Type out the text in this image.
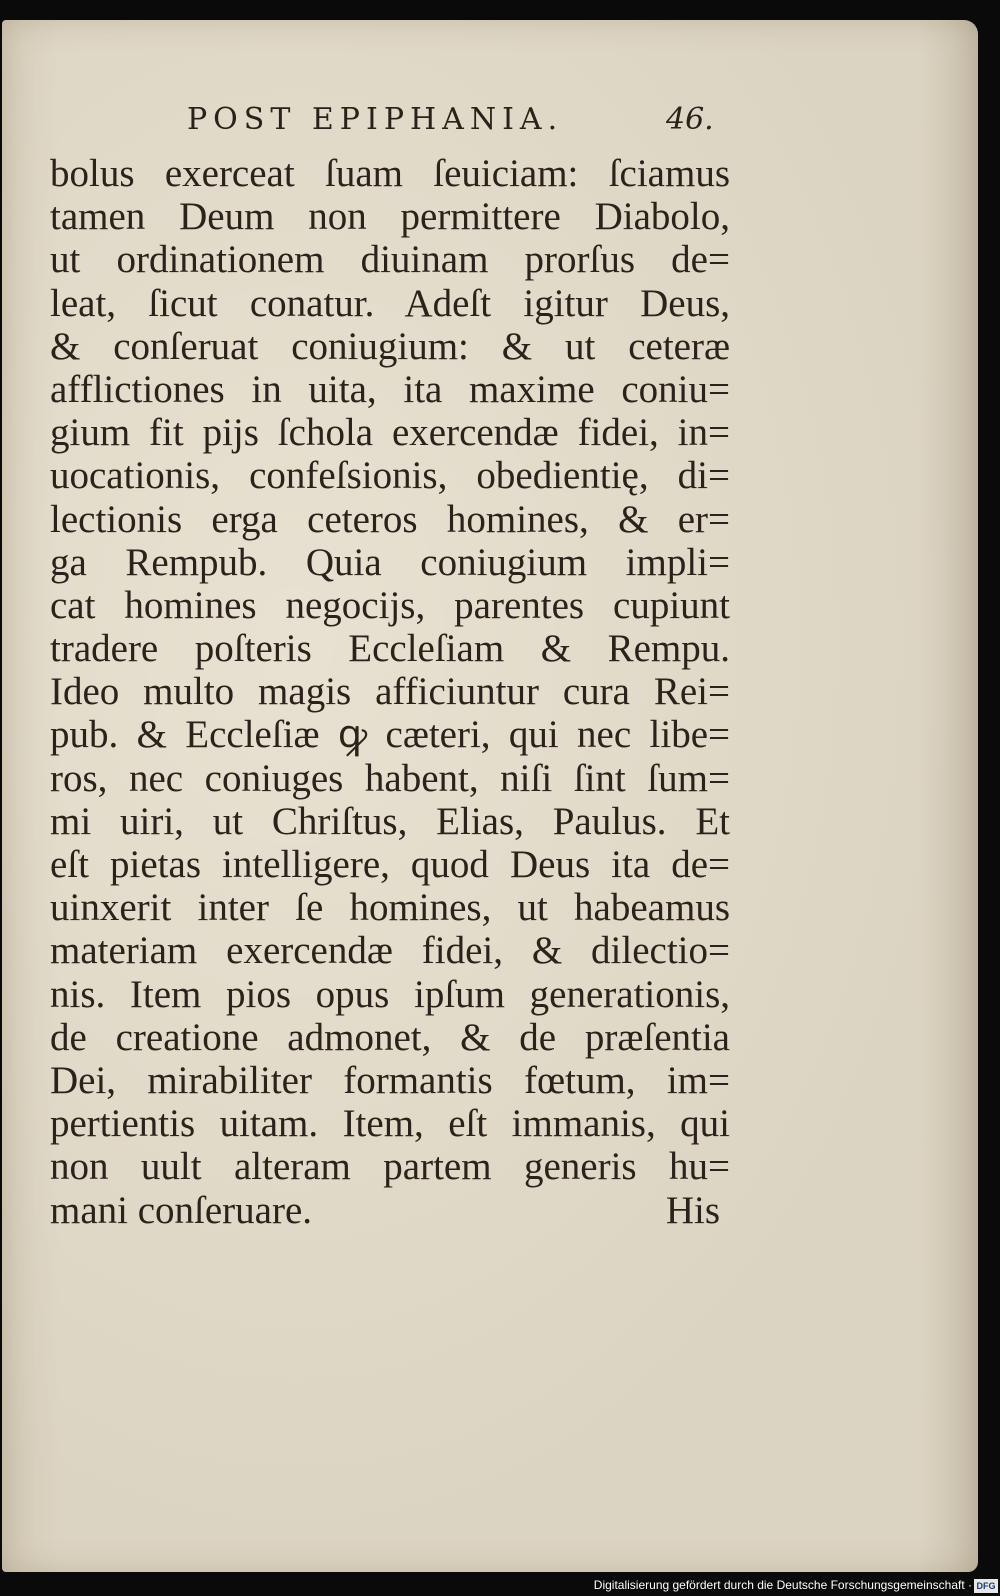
POST EPIPHANIA.	46.
bolus exerceat ſuam ſeuiciam: ſciamus
tamen Deum non permittere Diabolo,
ut ordinationem diuinam prorſus de=
leat, ſicut conatur. Adeſt igitur Deus,
& conſeruat coniugium: & ut ceteræ
afflictiones in uita, ita maxime coniu=
gium fit pijs ſchola exercendæ fidei, in=
uocationis, confeſsionis, obedientię, di=
lectionis erga ceteros homines, & er=
ga Rempub. Quia coniugium impli=
cat homines negocijs, parentes cupiunt
tradere poſteris Eccleſiam & Rempu.
Ideo multo magis afficiuntur cura Rei=
pub. & Eccleſiæ ꝙ cæteri, qui nec libe=
ros, nec coniuges habent, niſi ſint ſum=
mi uiri, ut Chriſtus, Elias, Paulus. Et
eſt pietas intelligere, quod Deus ita de=
uinxerit inter ſe homines, ut habeamus
materiam exercendæ fidei, & dilectio=
nis. Item pios opus ipſum generationis,
de creatione admonet, & de præſentia
Dei, mirabiliter formantis fœtum, im=
pertientis uitam. Item, eſt immanis, qui
non uult alteram partem generis hu=
mani conſeruare.	His
Digitalisierung gefördert durch die Deutsche Forschungsgemeinschaft · DFG
